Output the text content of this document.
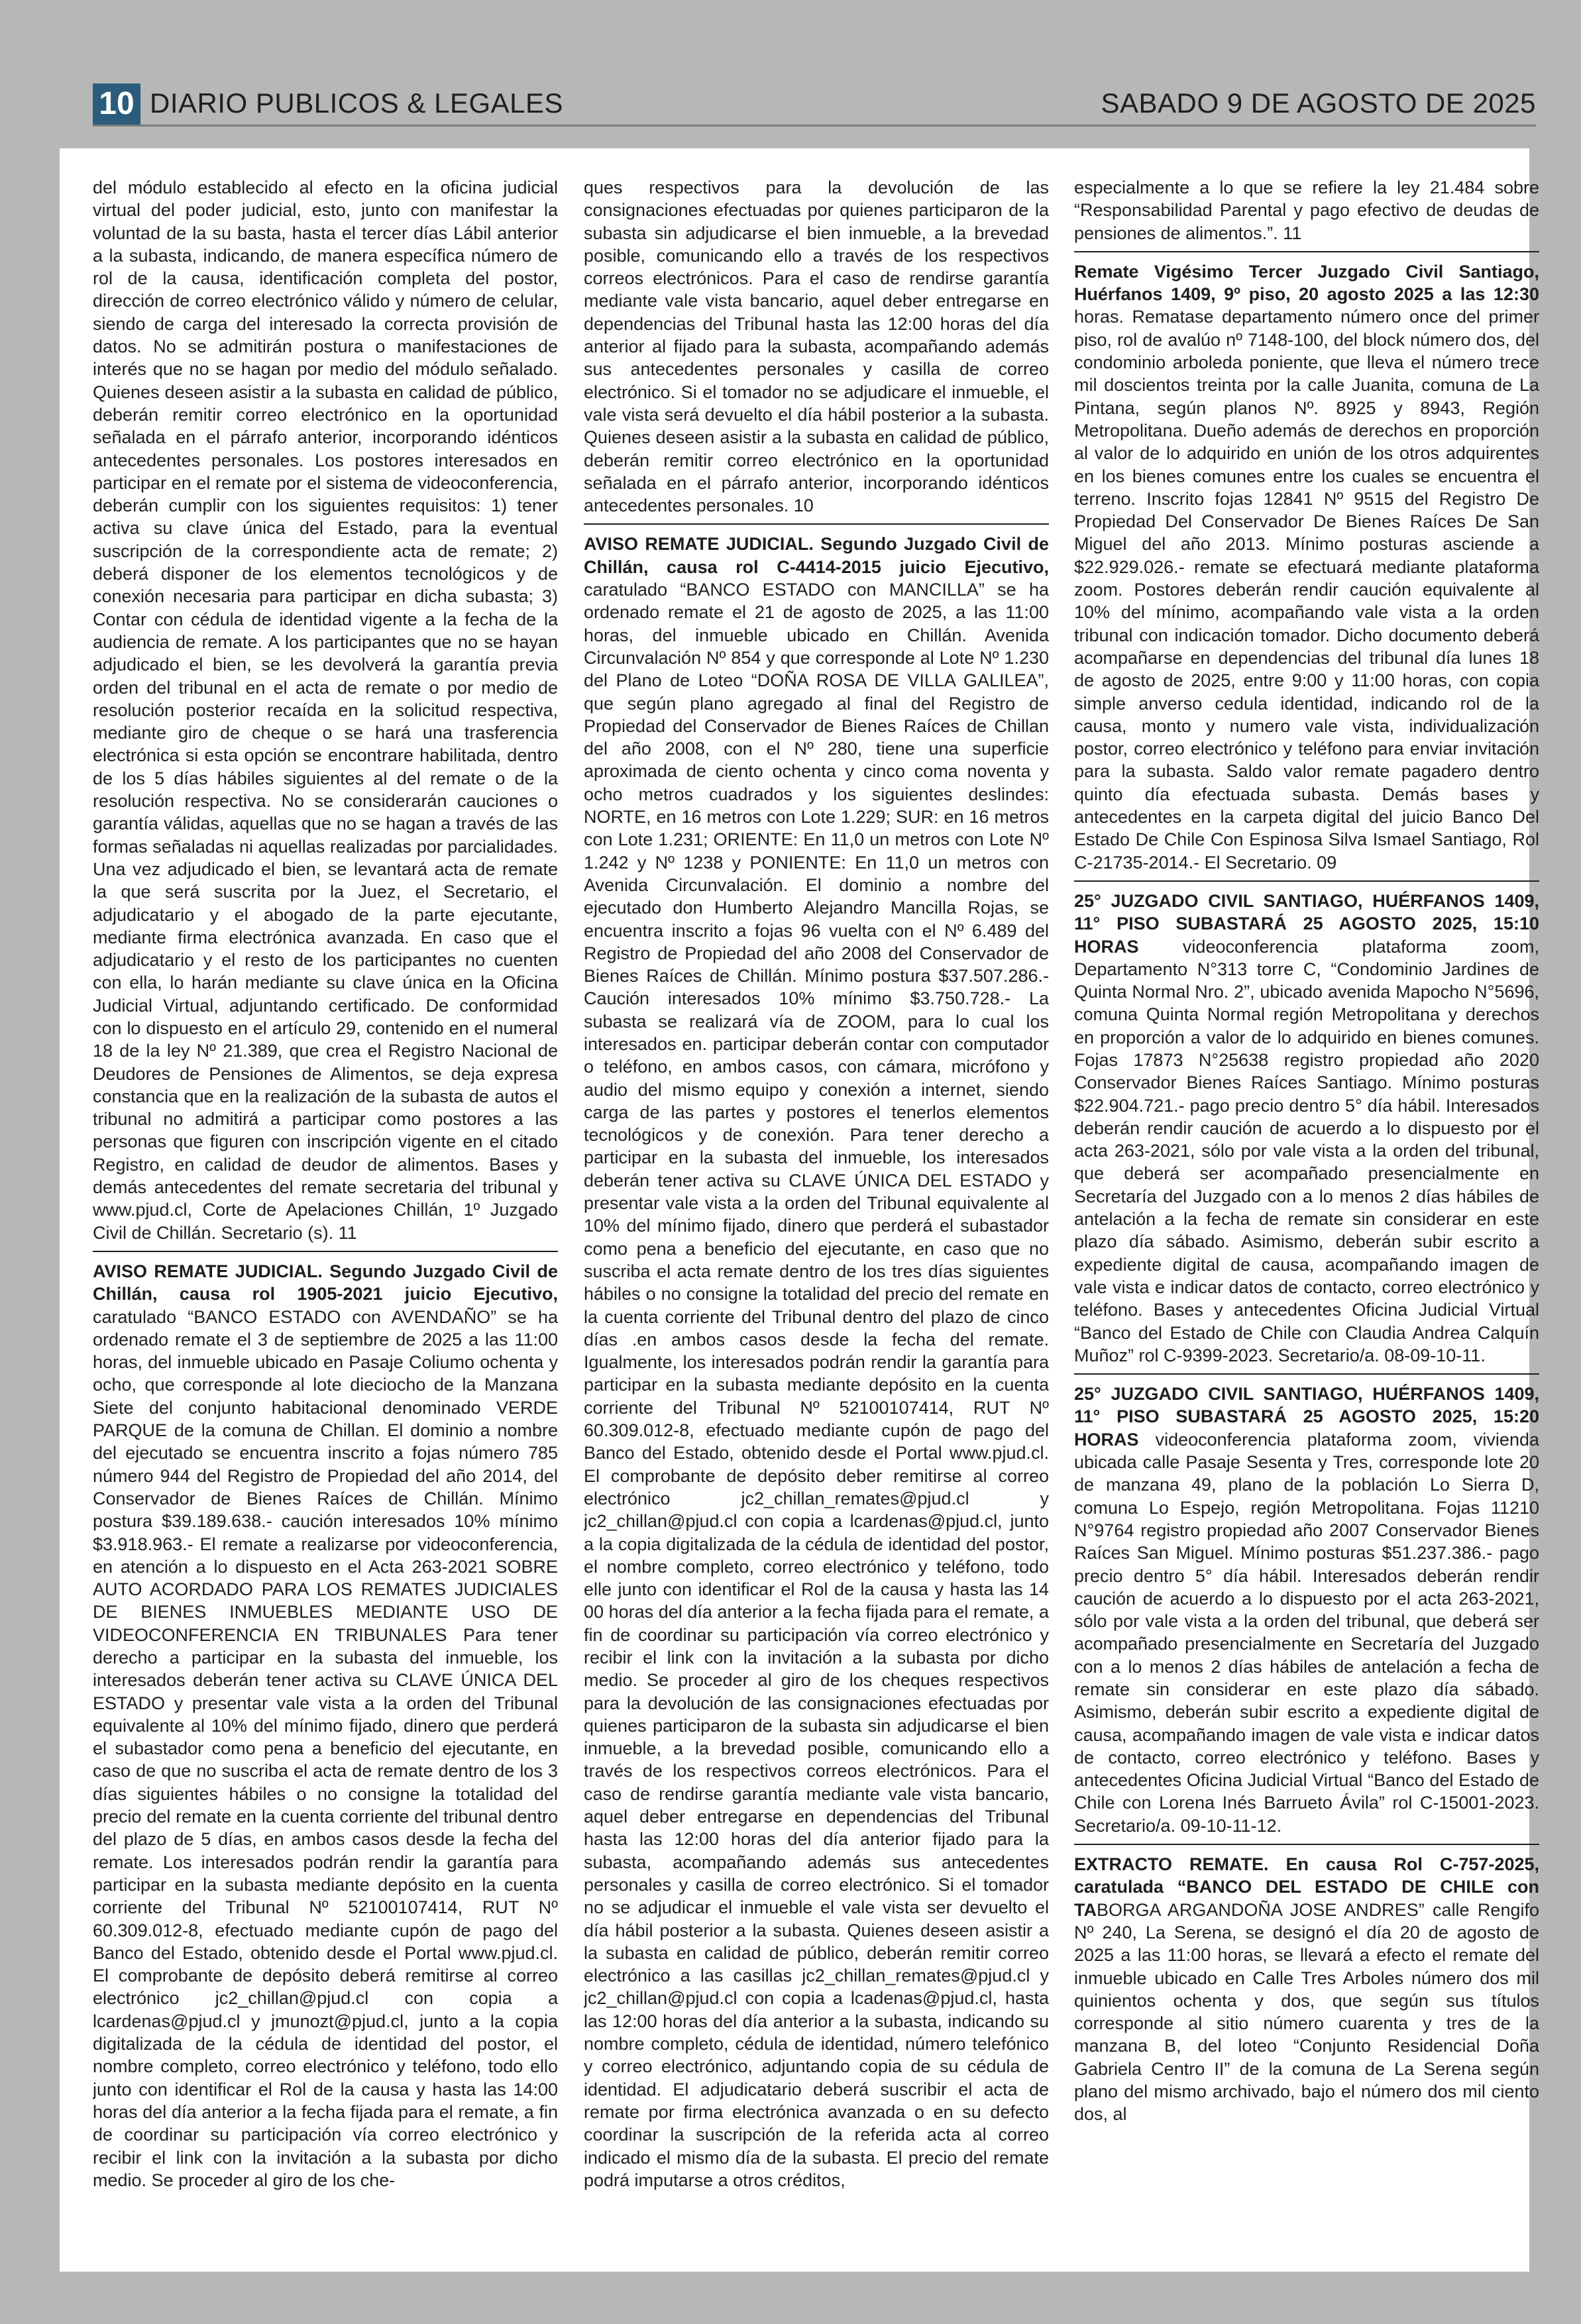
10 DIARIO PUBLICOS & LEGALES	SABADO 9 DE AGOSTO DE 2025

del módulo establecido al efecto en la oficina judicial virtual del poder judicial, esto, junto con manifestar la voluntad de la su basta, hasta el tercer días Lábil anterior a la subasta, indicando, de manera específica número de rol de la causa, identificación completa del postor, dirección de correo electrónico válido y número de celular, siendo de carga del interesado la correcta provisión de datos. No se admitirán postura o manifestaciones de interés que no se hagan por medio del módulo señalado. Quienes deseen asistir a la subasta en calidad de público, deberán remitir correo electrónico en la oportunidad señalada en el párrafo anterior, incorporando idénticos antecedentes personales. Los postores interesados en participar en el remate por el sistema de videoconferencia, deberán cumplir con los siguientes requisitos: 1) tener activa su clave única del Estado, para la eventual suscripción de la correspondiente acta de remate; 2) deberá disponer de los elementos tecnológicos y de conexión necesaria para participar en dicha subasta; 3) Contar con cédula de identidad vigente a la fecha de la audiencia de remate. A los participantes que no se hayan adjudicado el bien, se les devolverá la garantía previa orden del tribunal en el acta de remate o por medio de resolución posterior recaída en la solicitud respectiva, mediante giro de cheque o se hará una trasferencia electrónica si esta opción se encontrare habilitada, dentro de los 5 días hábiles siguientes al del remate o de la resolución respectiva. No se considerarán cauciones o garantía válidas, aquellas que no se hagan a través de las formas señaladas ni aquellas realizadas por parcialidades. Una vez adjudicado el bien, se levantará acta de remate la que será suscrita por la Juez, el Secretario, el adjudicatario y el abogado de la parte ejecutante, mediante firma electrónica avanzada. En caso que el adjudicatario y el resto de los participantes no cuenten con ella, lo harán mediante su clave única en la Oficina Judicial Virtual, adjuntando certificado. De conformidad con lo dispuesto en el artículo 29, contenido en el numeral 18 de la ley Nº 21.389, que crea el Registro Nacional de Deudores de Pensiones de Alimentos, se deja expresa constancia que en la realización de la subasta de autos el tribunal no admitirá a participar como postores a las personas que figuren con inscripción vigente en el citado Registro, en calidad de deudor de alimentos. Bases y demás antecedentes del remate secretaria del tribunal y www.pjud.cl, Corte de Apelaciones Chillán, 1º Juzgado Civil de Chillán. Secretario (s). 11

AVISO REMATE JUDICIAL. Segundo Juzgado Civil de Chillán, causa rol 1905-2021 juicio Ejecutivo, caratulado “BANCO ESTADO con AVENDAÑO” se ha ordenado remate el 3 de septiembre de 2025 a las 11:00 horas, del inmueble ubicado en Pasaje Coliumo ochenta y ocho, que corresponde al lote dieciocho de la Manzana Siete del conjunto habitacional denominado VERDE PARQUE de la comuna de Chillan. El dominio a nombre del ejecutado se encuentra inscrito a fojas número 785 número 944 del Registro de Propiedad del año 2014, del Conservador de Bienes Raíces de Chillán. Mínimo postura $39.189.638.- caución interesados 10% mínimo $3.918.963.- El remate a realizarse por videoconferencia, en atención a lo dispuesto en el Acta 263-2021 SOBRE AUTO ACORDADO PARA LOS REMATES JUDICIALES DE BIENES INMUEBLES MEDIANTE USO DE VIDEOCONFERENCIA EN TRIBUNALES Para tener derecho a participar en la subasta del inmueble, los interesados deberán tener activa su CLAVE ÚNICA DEL ESTADO y presentar vale vista a la orden del Tribunal equivalente al 10% del mínimo fijado, dinero que perderá el subastador como pena a beneficio del ejecutante, en caso de que no suscriba el acta de remate dentro de los 3 días siguientes hábiles o no consigne la totalidad del precio del remate en la cuenta corriente del tribunal dentro del plazo de 5 días, en ambos casos desde la fecha del remate. Los interesados podrán rendir la garantía para participar en la subasta mediante depósito en la cuenta corriente del Tribunal Nº 52100107414, RUT Nº 60.309.012-8, efectuado mediante cupón de pago del Banco del Estado, obtenido desde el Portal www.pjud.cl. El comprobante de depósito deberá remitirse al correo electrónico jc2_chillan@pjud.cl con copia a lcardenas@pjud.cl y jmunozt@pjud.cl, junto a la copia digitalizada de la cédula de identidad del postor, el nombre completo, correo electrónico y teléfono, todo ello junto con identificar el Rol de la causa y hasta las 14:00 horas del día anterior a la fecha fijada para el remate, a fin de coordinar su participación vía correo electrónico y recibir el link con la invitación a la subasta por dicho medio. Se proceder al giro de los che-

ques respectivos para la devolución de las consignaciones efectuadas por quienes participaron de la subasta sin adjudicarse el bien inmueble, a la brevedad posible, comunicando ello a través de los respectivos correos electrónicos. Para el caso de rendirse garantía mediante vale vista bancario, aquel deber entregarse en dependencias del Tribunal hasta las 12:00 horas del día anterior al fijado para la subasta, acompañando además sus antecedentes personales y casilla de correo electrónico. Si el tomador no se adjudicare el inmueble, el vale vista será devuelto el día hábil posterior a la subasta. Quienes deseen asistir a la subasta en calidad de público, deberán remitir correo electrónico en la oportunidad señalada en el párrafo anterior, incorporando idénticos antecedentes personales. 10

AVISO REMATE JUDICIAL. Segundo Juzgado Civil de Chillán, causa rol C-4414-2015 juicio Ejecutivo, caratulado “BANCO ESTADO con MANCILLA” se ha ordenado remate el 21 de agosto de 2025, a las 11:00 horas, del inmueble ubicado en Chillán. Avenida Circunvalación Nº 854 y que corresponde al Lote Nº 1.230 del Plano de Loteo “DOÑA ROSA DE VILLA GALILEA”, que según plano agregado al final del Registro de Propiedad del Conservador de Bienes Raíces de Chillan del año 2008, con el Nº 280, tiene una superficie aproximada de ciento ochenta y cinco coma noventa y ocho metros cuadrados y los siguientes deslindes: NORTE, en 16 metros con Lote 1.229; SUR: en 16 metros con Lote 1.231; ORIENTE: En 11,0 un metros con Lote Nº 1.242 y Nº 1238 y PONIENTE: En 11,0 un metros con Avenida Circunvalación. El dominio a nombre del ejecutado don Humberto Alejandro Mancilla Rojas, se encuentra inscrito a fojas 96 vuelta con el Nº 6.489 del Registro de Propiedad del año 2008 del Conservador de Bienes Raíces de Chillán. Mínimo postura $37.507.286.- Caución interesados 10% mínimo $3.750.728.- La subasta se realizará vía de ZOOM, para lo cual los interesados en. participar deberán contar con computador o teléfono, en ambos casos, con cámara, micrófono y audio del mismo equipo y conexión a internet, siendo carga de las partes y postores el tenerlos elementos tecnológicos y de conexión. Para tener derecho a participar en la subasta del inmueble, los interesados deberán tener activa su CLAVE ÚNICA DEL ESTADO y presentar vale vista a la orden del Tribunal equivalente al 10% del mínimo fijado, dinero que perderá el subastador como pena a beneficio del ejecutante, en caso que no suscriba el acta remate dentro de los tres días siguientes hábiles o no consigne la totalidad del precio del remate en la cuenta corriente del Tribunal dentro del plazo de cinco días .en ambos casos desde la fecha del remate. Igualmente, los interesados podrán rendir la garantía para participar en la subasta mediante depósito en la cuenta corriente del Tribunal Nº 52100107414, RUT Nº 60.309.012-8, efectuado mediante cupón de pago del Banco del Estado, obtenido desde el Portal www.pjud.cl. El comprobante de depósito deber remitirse al correo electrónico jc2_chillan_remates@pjud.cl y jc2_chillan@pjud.cl con copia a lcardenas@pjud.cl, junto a la copia digitalizada de la cédula de identidad del postor, el nombre completo, correo electrónico y teléfono, todo elle junto con identificar el Rol de la causa y hasta las 14 00 horas del día anterior a la fecha fijada para el remate, a fin de coordinar su participación vía correo electrónico y recibir el link con la invitación a la subasta por dicho medio. Se proceder al giro de los cheques respectivos para la devolución de las consignaciones efectuadas por quienes participaron de la subasta sin adjudicarse el bien inmueble, a la brevedad posible, comunicando ello a través de los respectivos correos electrónicos. Para el caso de rendirse garantía mediante vale vista bancario, aquel deber entregarse en dependencias del Tribunal hasta las 12:00 horas del día anterior fijado para la subasta, acompañando además sus antecedentes personales y casilla de correo electrónico. Si el tomador no se adjudicar el inmueble el vale vista ser devuelto el día hábil posterior a la subasta. Quienes deseen asistir a la subasta en calidad de público, deberán remitir correo electrónico a las casillas jc2_chillan_remates@pjud.cl y jc2_chillan@pjud.cl con copia a lcadenas@pjud.cl, hasta las 12:00 horas del día anterior a la subasta, indicando su nombre completo, cédula de identidad, número telefónico y correo electrónico, adjuntando copia de su cédula de identidad. El adjudicatario deberá suscribir el acta de remate por firma electrónica avanzada o en su defecto coordinar la suscripción de la referida acta al correo indicado el mismo día de la subasta. El precio del remate podrá imputarse a otros créditos,

especialmente a lo que se refiere la ley 21.484 sobre “Responsabilidad Parental y pago efectivo de deudas de pensiones de alimentos.”. 11

Remate Vigésimo Tercer Juzgado Civil Santiago, Huérfanos 1409, 9º piso, 20 agosto 2025 a las 12:30 horas. Rematase departamento número once del primer piso, rol de avalúo nº 7148-100, del block número dos, del condominio arboleda poniente, que lleva el número trece mil doscientos treinta por la calle Juanita, comuna de La Pintana, según planos Nº. 8925 y 8943, Región Metropolitana. Dueño además de derechos en proporción al valor de lo adquirido en unión de los otros adquirentes en los bienes comunes entre los cuales se encuentra el terreno. Inscrito fojas 12841 Nº 9515 del Registro De Propiedad Del Conservador De Bienes Raíces De San Miguel del año 2013. Mínimo posturas asciende a $22.929.026.- remate se efectuará mediante plataforma zoom. Postores deberán rendir caución equivalente al 10% del mínimo, acompañando vale vista a la orden tribunal con indicación tomador. Dicho documento deberá acompañarse en dependencias del tribunal día lunes 18 de agosto de 2025, entre 9:00 y 11:00 horas, con copia simple anverso cedula identidad, indicando rol de la causa, monto y numero vale vista, individualización postor, correo electrónico y teléfono para enviar invitación para la subasta. Saldo valor remate pagadero dentro quinto día efectuada subasta. Demás bases y antecedentes en la carpeta digital del juicio Banco Del Estado De Chile Con Espinosa Silva Ismael Santiago, Rol C-21735-2014.- El Secretario. 09

25° JUZGADO CIVIL SANTIAGO, HUÉRFANOS 1409, 11° PISO SUBASTARÁ 25 AGOSTO 2025, 15:10 HORAS videoconferencia plataforma zoom, Departamento N°313 torre C, “Condominio Jardines de Quinta Normal Nro. 2”, ubicado avenida Mapocho N°5696, comuna Quinta Normal región Metropolitana y derechos en proporción a valor de lo adquirido en bienes comunes. Fojas 17873 N°25638 registro propiedad año 2020 Conservador Bienes Raíces Santiago. Mínimo posturas $22.904.721.- pago precio dentro 5° día hábil. Interesados deberán rendir caución de acuerdo a lo dispuesto por el acta 263-2021, sólo por vale vista a la orden del tribunal, que deberá ser acompañado presencialmente en Secretaría del Juzgado con a lo menos 2 días hábiles de antelación a la fecha de remate sin considerar en este plazo día sábado. Asimismo, deberán subir escrito a expediente digital de causa, acompañando imagen de vale vista e indicar datos de contacto, correo electrónico y teléfono. Bases y antecedentes Oficina Judicial Virtual “Banco del Estado de Chile con Claudia Andrea Calquín Muñoz” rol C-9399-2023. Secretario/a. 08-09-10-11.

25° JUZGADO CIVIL SANTIAGO, HUÉRFANOS 1409, 11° PISO SUBASTARÁ 25 AGOSTO 2025, 15:20 HORAS videoconferencia plataforma zoom, vivienda ubicada calle Pasaje Sesenta y Tres, corresponde lote 20 de manzana 49, plano de la población Lo Sierra D, comuna Lo Espejo, región Metropolitana. Fojas 11210 N°9764 registro propiedad año 2007 Conservador Bienes Raíces San Miguel. Mínimo posturas $51.237.386.- pago precio dentro 5° día hábil. Interesados deberán rendir caución de acuerdo a lo dispuesto por el acta 263-2021, sólo por vale vista a la orden del tribunal, que deberá ser acompañado presencialmente en Secretaría del Juzgado con a lo menos 2 días hábiles de antelación a fecha de remate sin considerar en este plazo día sábado. Asimismo, deberán subir escrito a expediente digital de causa, acompañando imagen de vale vista e indicar datos de contacto, correo electrónico y teléfono. Bases y antecedentes Oficina Judicial Virtual “Banco del Estado de Chile con Lorena Inés Barrueto Ávila” rol C-15001-2023. Secretario/a. 09-10-11-12.

EXTRACTO REMATE. En causa Rol C-757-2025, caratulada “BANCO DEL ESTADO DE CHILE con TABORGA ARGANDOÑA JOSE ANDRES” calle Rengifo Nº 240, La Serena, se designó el día 20 de agosto de 2025 a las 11:00 horas, se llevará a efecto el remate del inmueble ubicado en Calle Tres Arboles número dos mil quinientos ochenta y dos, que según sus títulos corresponde al sitio número cuarenta y tres de la manzana B, del loteo “Conjunto Residencial Doña Gabriela Centro II” de la comuna de La Serena según plano del mismo archivado, bajo el número dos mil ciento dos, al
